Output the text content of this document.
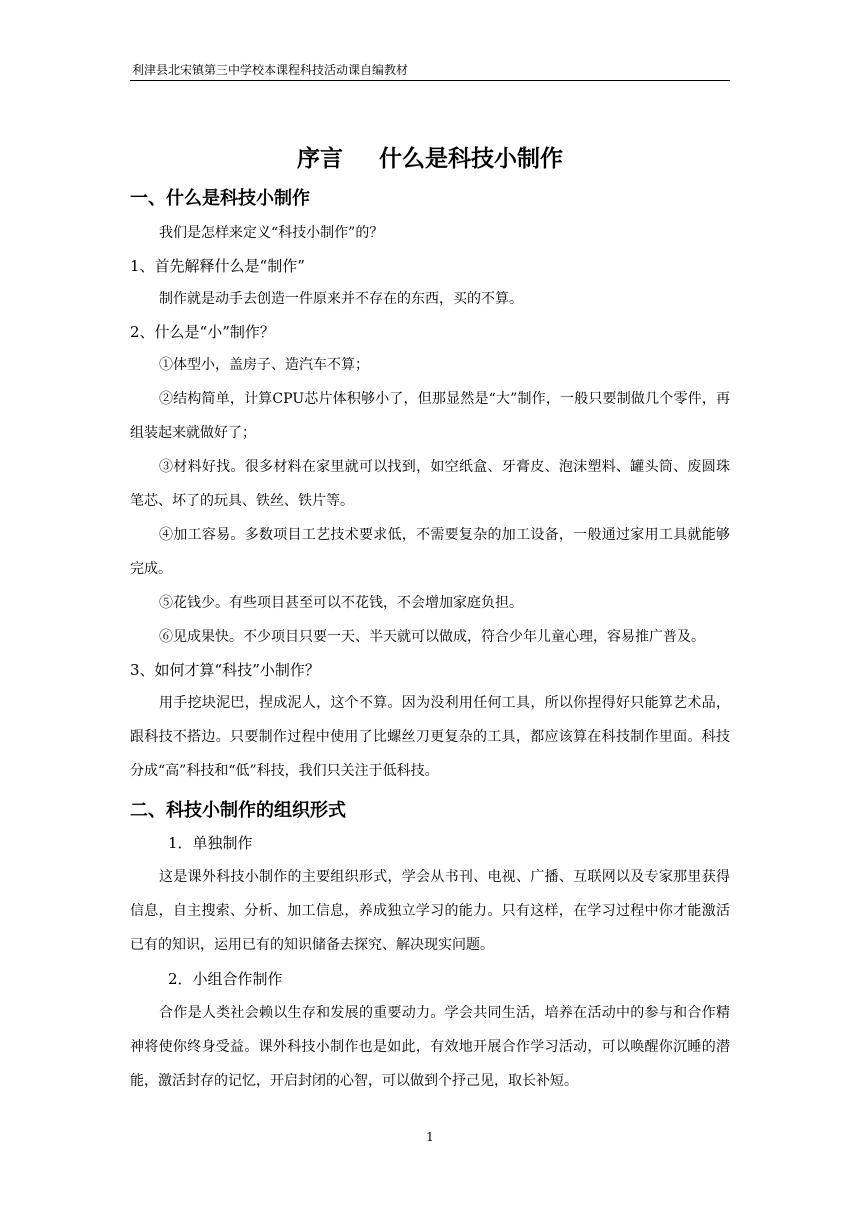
利津县北宋镇第三中学校本课程科技活动课自编教材
序言 什么是科技小制作
一、什么是科技小制作

我们是怎样来定义“科技小制作”的？

1、首先解释什么是“制作”

制作就是动手去创造一件原来并不存在的东西，买的不算。

2、什么是“小”制作？

①体型小，盖房子、造汽车不算；

②结构简单，计算CPU芯片体积够小了，但那显然是“大”制作，一般只要制做几个零件，再组装起来就做好了；

③材料好找。很多材料在家里就可以找到，如空纸盒、牙膏皮、泡沫塑料、罐头筒、废圆珠笔芯、坏了的玩具、铁丝、铁片等。

④加工容易。多数项目工艺技术要求低，不需要复杂的加工设备，一般通过家用工具就能够完成。

⑤花钱少。有些项目甚至可以不花钱，不会增加家庭负担。

⑥见成果快。不少项目只要一天、半天就可以做成，符合少年儿童心理，容易推广普及。

3、如何才算“科技”小制作？

用手挖块泥巴，捏成泥人，这个不算。因为没利用任何工具，所以你捏得好只能算艺术品，跟科技不搭边。只要制作过程中使用了比螺丝刀更复杂的工具，都应该算在科技制作里面。科技分成“高”科技和“低”科技，我们只关注于低科技。

二、科技小制作的组织形式
1．单独制作

这是课外科技小制作的主要组织形式，学会从书刊、电视、广播、互联网以及专家那里获得信息，自主搜索、分析、加工信息，养成独立学习的能力。只有这样，在学习过程中你才能激活已有的知识，运用已有的知识储备去探究、解决现实问题。

2．小组合作制作

合作是人类社会赖以生存和发展的重要动力。学会共同生活，培养在活动中的参与和合作精神将使你终身受益。课外科技小制作也是如此，有效地开展合作学习活动，可以唤醒你沉睡的潜能，激活封存的记忆，开启封闭的心智，可以做到个抒己见，取长补短。

1
